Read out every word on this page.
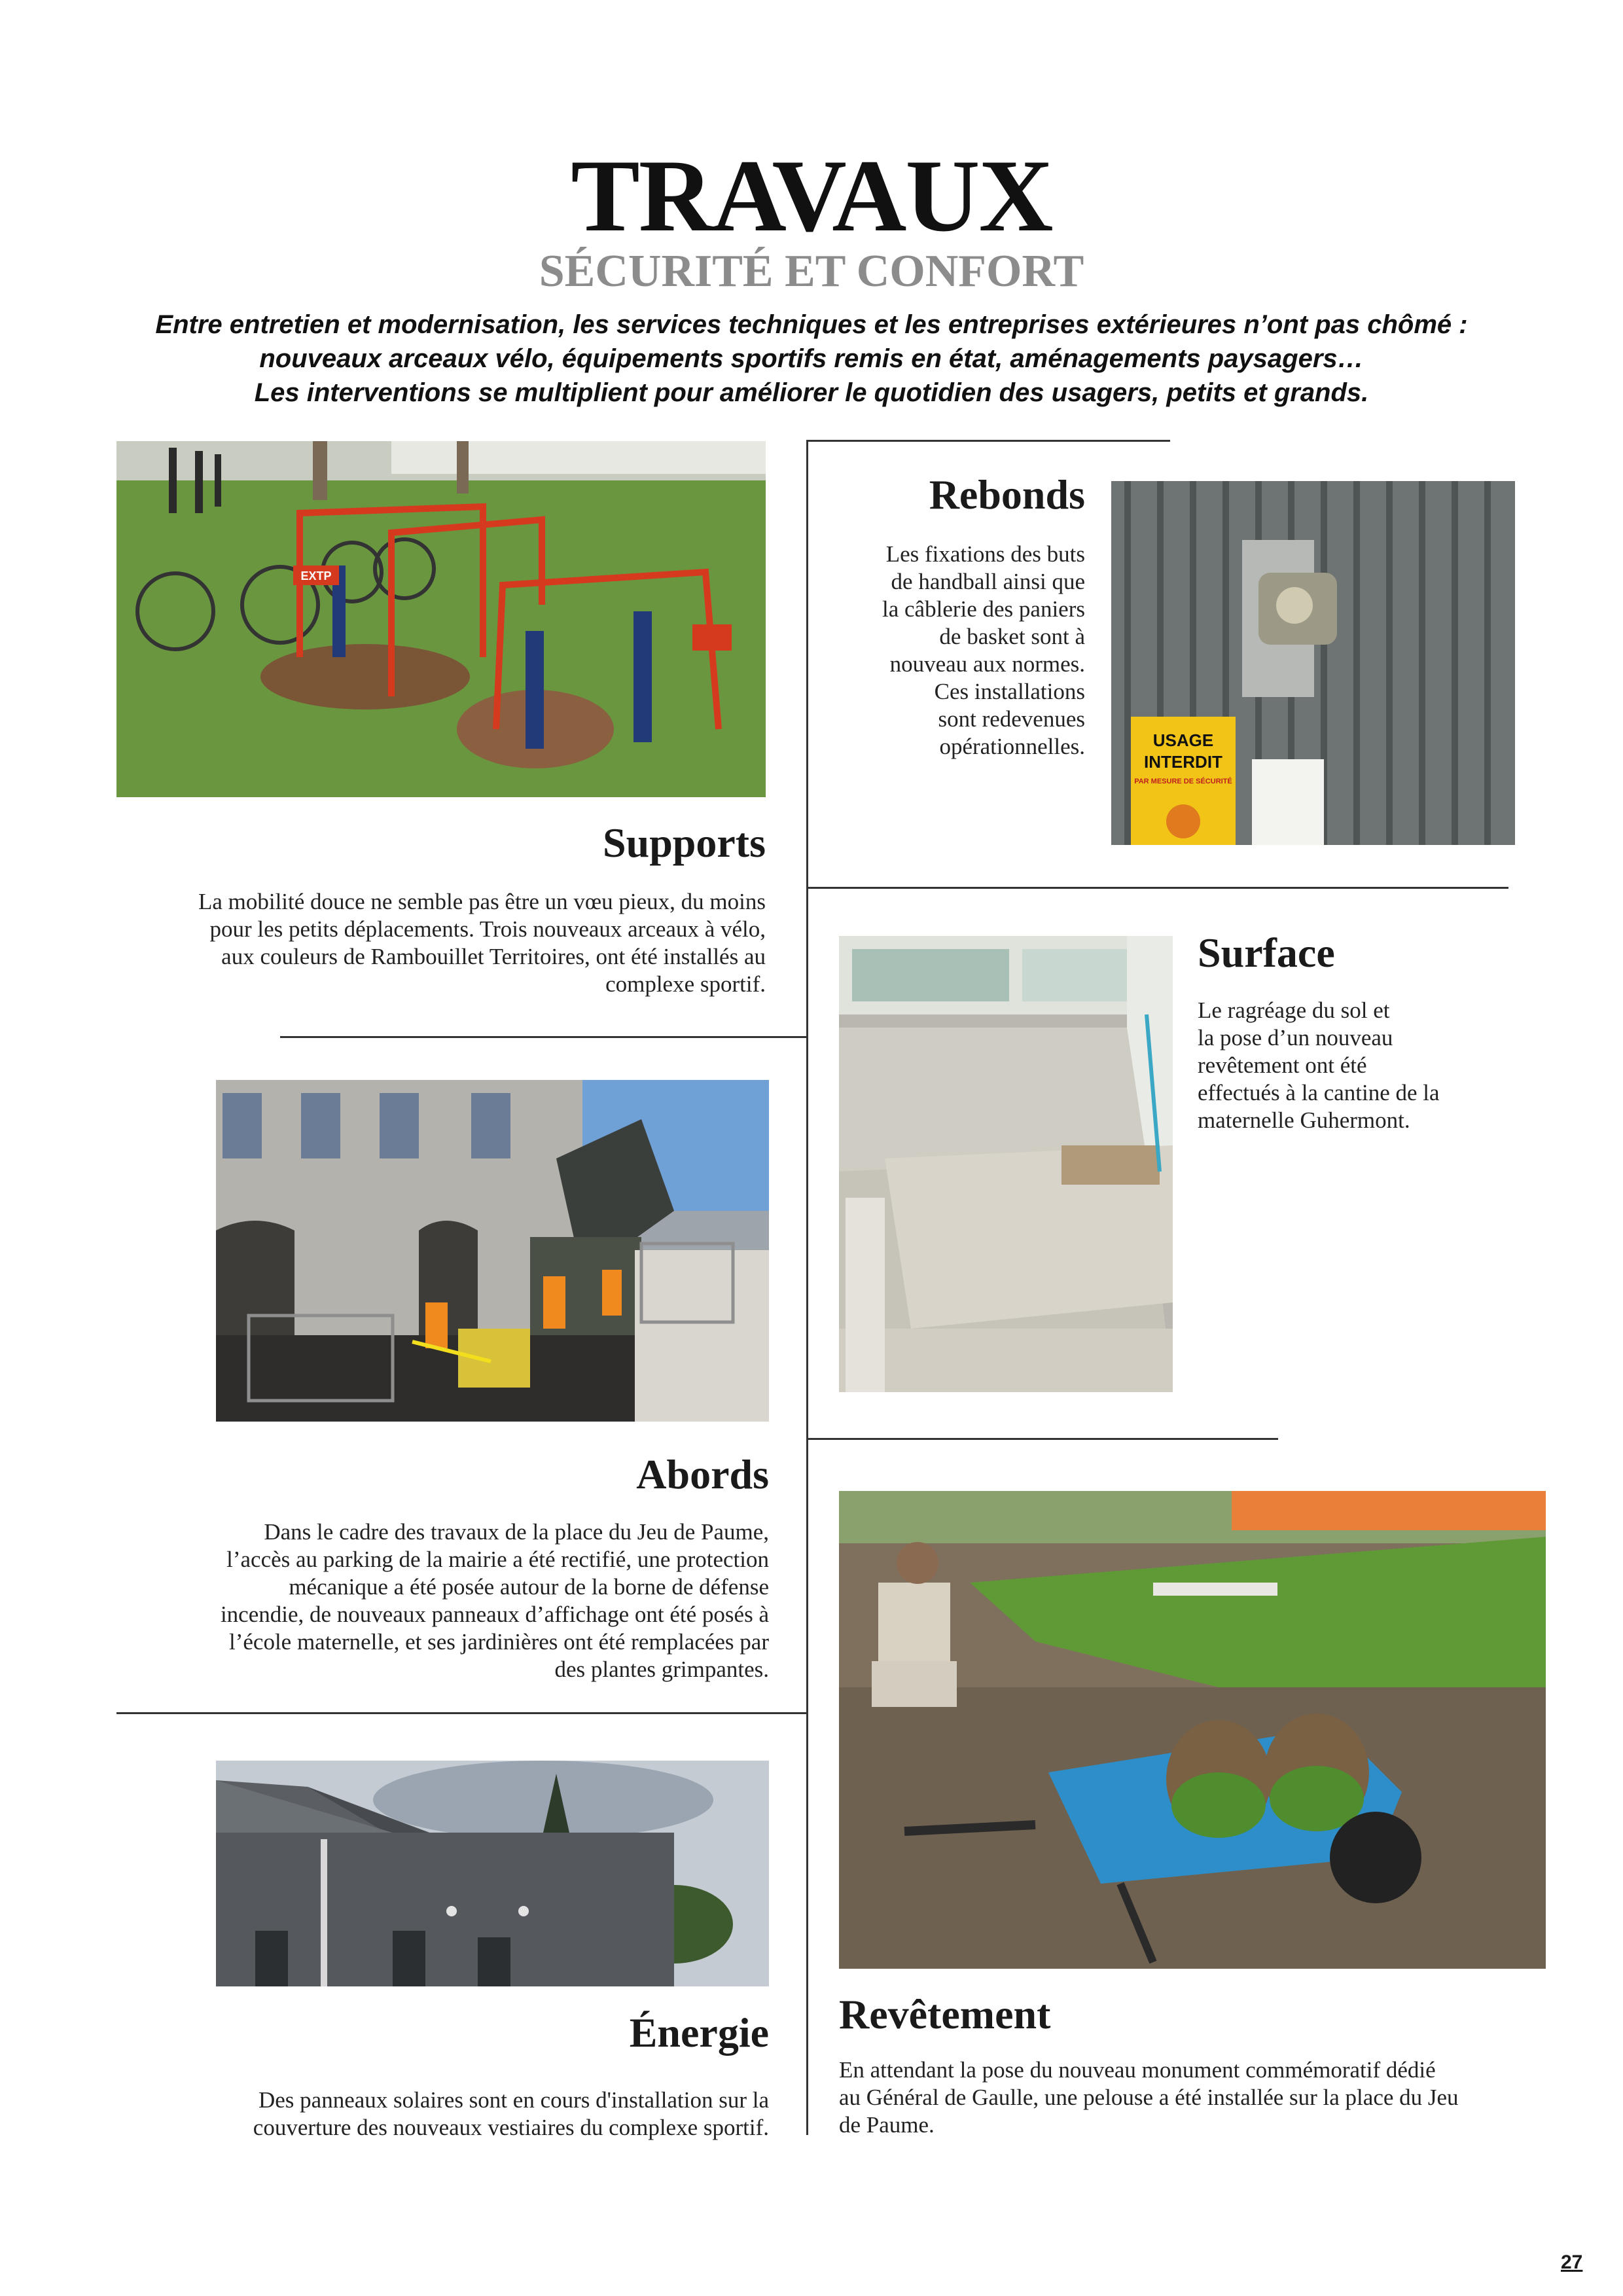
TRAVAUX
SÉCURITÉ ET CONFORT
Entre entretien et modernisation, les services techniques et les entreprises extérieures n’ont pas chômé :
nouveaux arceaux vélo, équipements sportifs remis en état, aménagements paysagers…
Les interventions se multiplient pour améliorer le quotidien des usagers, petits et grands.
EXTP
Supports
La mobilité douce ne semble pas être un vœu pieux, du moins
pour les petits déplacements. Trois nouveaux arceaux à vélo,
aux couleurs de Rambouillet Territoires, ont été installés au
complexe sportif.
Rebonds
Les fixations des buts
de handball ainsi que
la câblerie des paniers
de basket sont à
nouveau aux normes.
Ces installations
sont redevenues
opérationnelles.	USAGE
INTERDIT
PAR MESURE DE SÉCURITÉ
Surface
Le ragréage du sol et
la pose d’un nouveau
revêtement ont été
effectués à la cantine de la
maternelle Guhermont.
Abords
Dans le cadre des travaux de la place du Jeu de Paume,
l’accès au parking de la mairie a été rectifié, une protection
mécanique a été posée autour de la borne de défense
incendie, de nouveaux panneaux d’affichage ont été posés à
l’école maternelle, et ses jardinières ont été remplacées par
des plantes grimpantes.
Revêtement
En attendant la pose du nouveau monument commémoratif dédié
au Général de Gaulle, une pelouse a été installée sur la place du Jeu
de Paume.
Énergie
Des panneaux solaires sont en cours d'installation sur la
couverture des nouveaux vestiaires du complexe sportif.
27
